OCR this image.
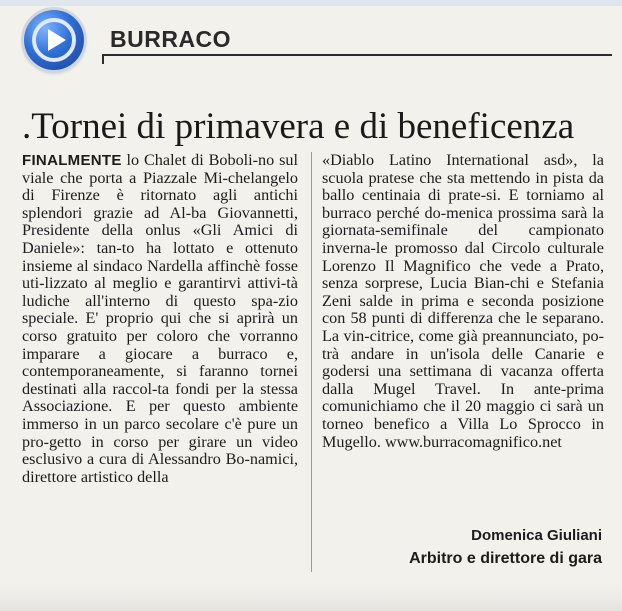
BURRACO
.Tornei di primavera e di beneficenza
FINALMENTE lo Chalet di Boboli-no sul viale che porta a Piazzale Mi-chelangelo di Firenze è ritornato agli antichi splendori grazie ad Al-ba Giovannetti, Presidente della onlus «Gli Amici di Daniele»: tan-to ha lottato e ottenuto insieme al sindaco Nardella affinchè fosse uti-lizzato al meglio e garantirvi attivi-tà ludiche all'interno di questo spa-zio speciale. E' proprio qui che si aprirà un corso gratuito per coloro che vorranno imparare a giocare a burraco e, contemporaneamente, si faranno tornei destinati alla raccol-ta fondi per la stessa Associazione. E per questo ambiente immerso in un parco secolare c'è pure un pro-getto in corso per girare un video esclusivo a cura di Alessandro Bo-namici, direttore artistico della
«Diablo Latino International asd», la scuola pratese che sta mettendo in pista da ballo centinaia di prate-si. E torniamo al burraco perché do-menica prossima sarà la giornata-semifinale del campionato inverna-le promosso dal Circolo culturale Lorenzo Il Magnifico che vede a Prato, senza sorprese, Lucia Bian-chi e Stefania Zeni salde in prima e seconda posizione con 58 punti di differenza che le separano. La vin-citrice, come già preannunciato, po-trà andare in un'isola delle Canarie e godersi una settimana di vacanza offerta dalla Mugel Travel. In ante-prima comunichiamo che il 20 maggio ci sarà un torneo benefico a Villa Lo Sprocco in Mugello. www.burracomagnifico.net
Domenica Giuliani
Arbitro e direttore di gara
